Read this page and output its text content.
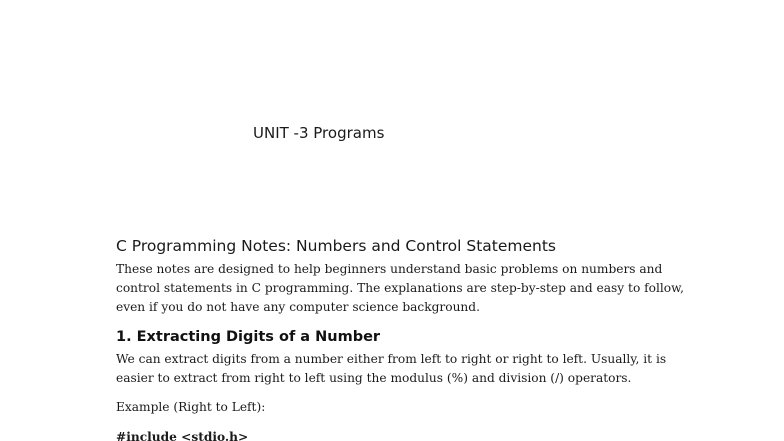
UNIT -3 Programs
C Programming Notes: Numbers and Control Statements

These notes are designed to help beginners understand basic problems on numbers and
control statements in C programming. The explanations are step-by-step and easy to follow,
even if you do not have any computer science background.

1. Extracting Digits of a Number

We can extract digits from a number either from left to right or right to left. Usually, it is
easier to extract from right to left using the modulus (%) and division (/) operators.

Example (Right to Left):

#include <stdio.h>
